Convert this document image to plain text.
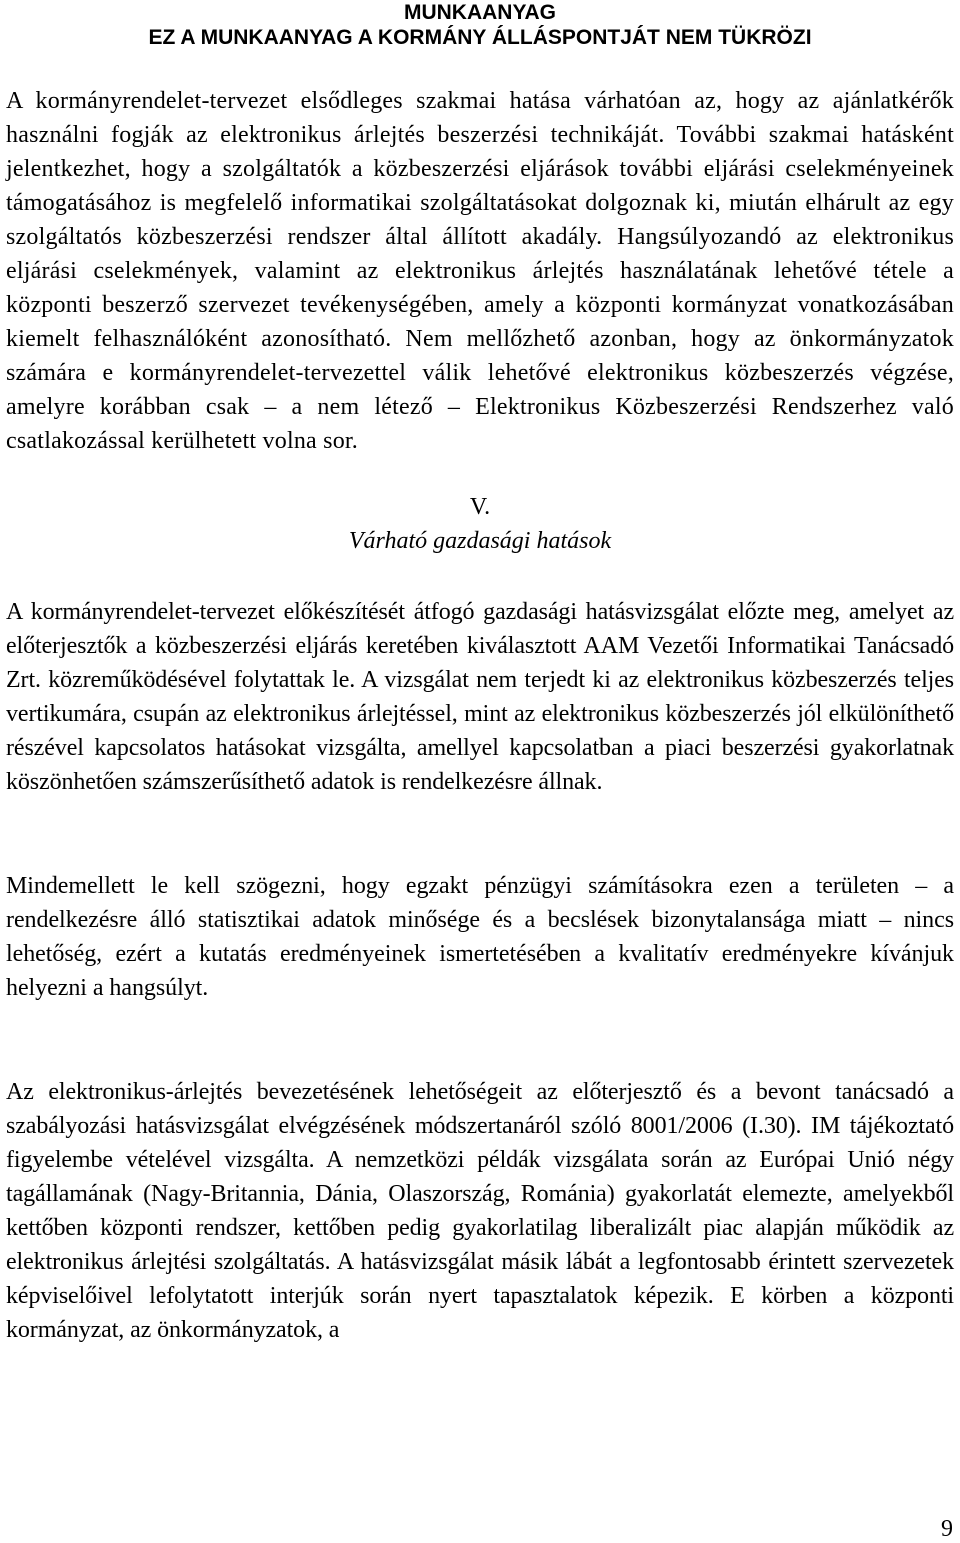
MUNKAANYAG
EZ A MUNKAANYAG A KORMÁNY ÁLLÁSPONTJÁT NEM TÜKRÖZI

A kormányrendelet-tervezet elsődleges szakmai hatása várhatóan az, hogy az ajánlatkérők használni fogják az elektronikus árlejtés beszerzési technikáját. További szakmai hatásként jelentkezhet, hogy a szolgáltatók a közbeszerzési eljárások további eljárási cselekményeinek támogatásához is megfelelő informatikai szolgáltatásokat dolgoznak ki, miután elhárult az egy szolgáltatós közbeszerzési rendszer által állított akadály. Hangsúlyozandó az elektronikus eljárási cselekmények, valamint az elektronikus árlejtés használatának lehetővé tétele a központi beszerző szervezet tevékenységében, amely a központi kormányzat vonatkozásában kiemelt felhasználóként azonosítható. Nem mellőzhető azonban, hogy az önkormányzatok számára e kormányrendelet-tervezettel válik lehetővé elektronikus közbeszerzés végzése, amelyre korábban csak – a nem létező – Elektronikus Közbeszerzési Rendszerhez való csatlakozással kerülhetett volna sor.

V.
Várható gazdasági hatások

A kormányrendelet-tervezet előkészítését átfogó gazdasági hatásvizsgálat előzte meg, amelyet az előterjesztők a közbeszerzési eljárás keretében kiválasztott AAM Vezetői Informatikai Tanácsadó Zrt. közreműködésével folytattak le. A vizsgálat nem terjedt ki az elektronikus közbeszerzés teljes vertikumára, csupán az elektronikus árlejtéssel, mint az elektronikus közbeszerzés jól elkülöníthető részével kapcsolatos hatásokat vizsgálta, amellyel kapcsolatban a piaci beszerzési gyakorlatnak köszönhetően számszerűsíthető adatok is rendelkezésre állnak.

Mindemellett le kell szögezni, hogy egzakt pénzügyi számításokra ezen a területen – a rendelkezésre álló statisztikai adatok minősége és a becslések bizonytalansága miatt – nincs lehetőség, ezért a kutatás eredményeinek ismertetésében a kvalitatív eredményekre kívánjuk helyezni a hangsúlyt.

Az elektronikus-árlejtés bevezetésének lehetőségeit az előterjesztő és a bevont tanácsadó a szabályozási hatásvizsgálat elvégzésének módszertanáról szóló 8001/2006 (I.30). IM tájékoztató figyelembe vételével vizsgálta. A nemzetközi példák vizsgálata során az Európai Unió négy tagállamának (Nagy-Britannia, Dánia, Olaszország, Románia) gyakorlatát elemezte, amelyekből kettőben központi rendszer, kettőben pedig gyakorlatilag liberalizált piac alapján működik az elektronikus árlejtési szolgáltatás. A hatásvizsgálat másik lábát a legfontosabb érintett szervezetek képviselőivel lefolytatott interjúk során nyert tapasztalatok képezik. E körben a központi kormányzat, az önkormányzatok, a

9
